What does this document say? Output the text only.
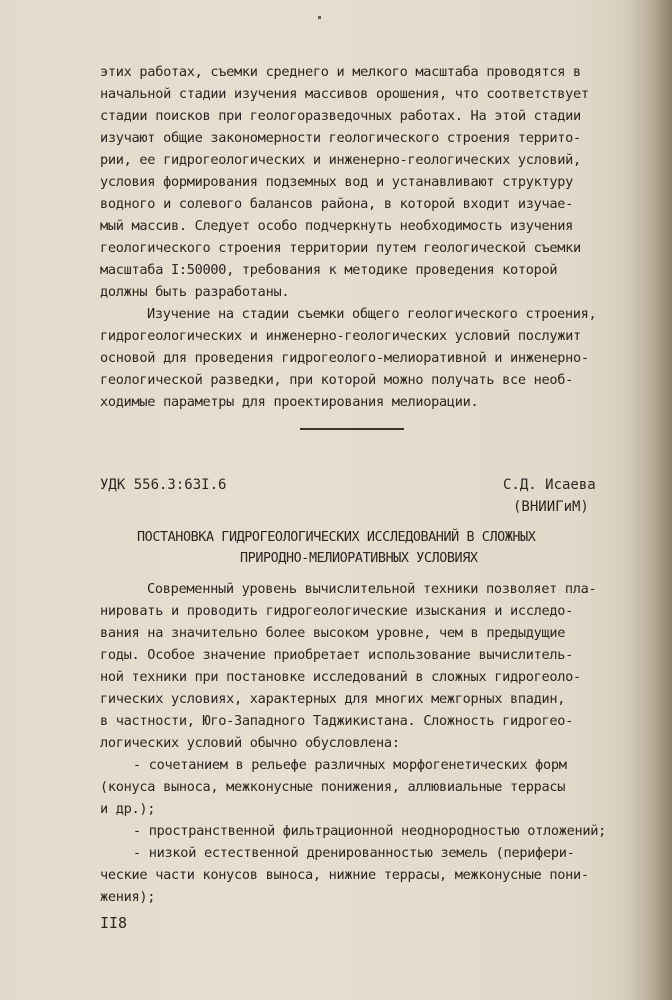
этих работах, съемки среднего и мелкого масштаба проводятся в
начальной стадии изучения массивов орошения, что соответствует
стадии поисков при геологоразведочных работах. На этой стадии
изучают общие закономерности геологического строения террито-
рии, ее гидрогеологических и инженерно-геологических условий,
условия формирования подземных вод и устанавливают структуру
водного и солевого балансов района, в которой входит изучае-
мый массив. Следует особо подчеркнуть необходимость изучения
геологического строения территории путем геологической съемки
масштаба I:50000, требования к методике проведения которой
должны быть разработаны.
Изучение на стадии съемки общего геологического строения,
гидрогеологических и инженерно-геологических условий послужит
основой для проведения гидрогеолого-мелиоративной и инженерно-
геологической разведки, при которой можно получать все необ-
ходимые параметры для проектирования мелиорации.
УДК 556.3:63I.6	С.Д. Исаева
(ВНИИГиМ)
ПОСТАНОВКА ГИДРОГЕОЛОГИЧЕСКИХ ИССЛЕДОВАНИЙ В СЛОЖНЫХ
ПРИРОДНО-МЕЛИОРАТИВНЫХ УСЛОВИЯХ
Современный уровень вычислительной техники позволяет пла-
нировать и проводить гидрогеологические изыскания и исследо-
вания на значительно более высоком уровне, чем в предыдущие
годы. Особое значение приобретает использование вычислитель-
ной техники при постановке исследований в сложных гидрогеоло-
гических условиях, характерных для многих межгорных впадин,
в частности, Юго-Западного Таджикистана. Сложность гидрогео-
логических условий обычно обусловлена:
- сочетанием в рельефе различных морфогенетических форм
(конуса выноса, межконусные понижения, аллювиальные террасы
и др.);
- пространственной фильтрационной неоднородностью отложений;
- низкой естественной дренированностью земель (перифери-
ческие части конусов выноса, нижние террасы, межконусные пони-
жения);
II8
